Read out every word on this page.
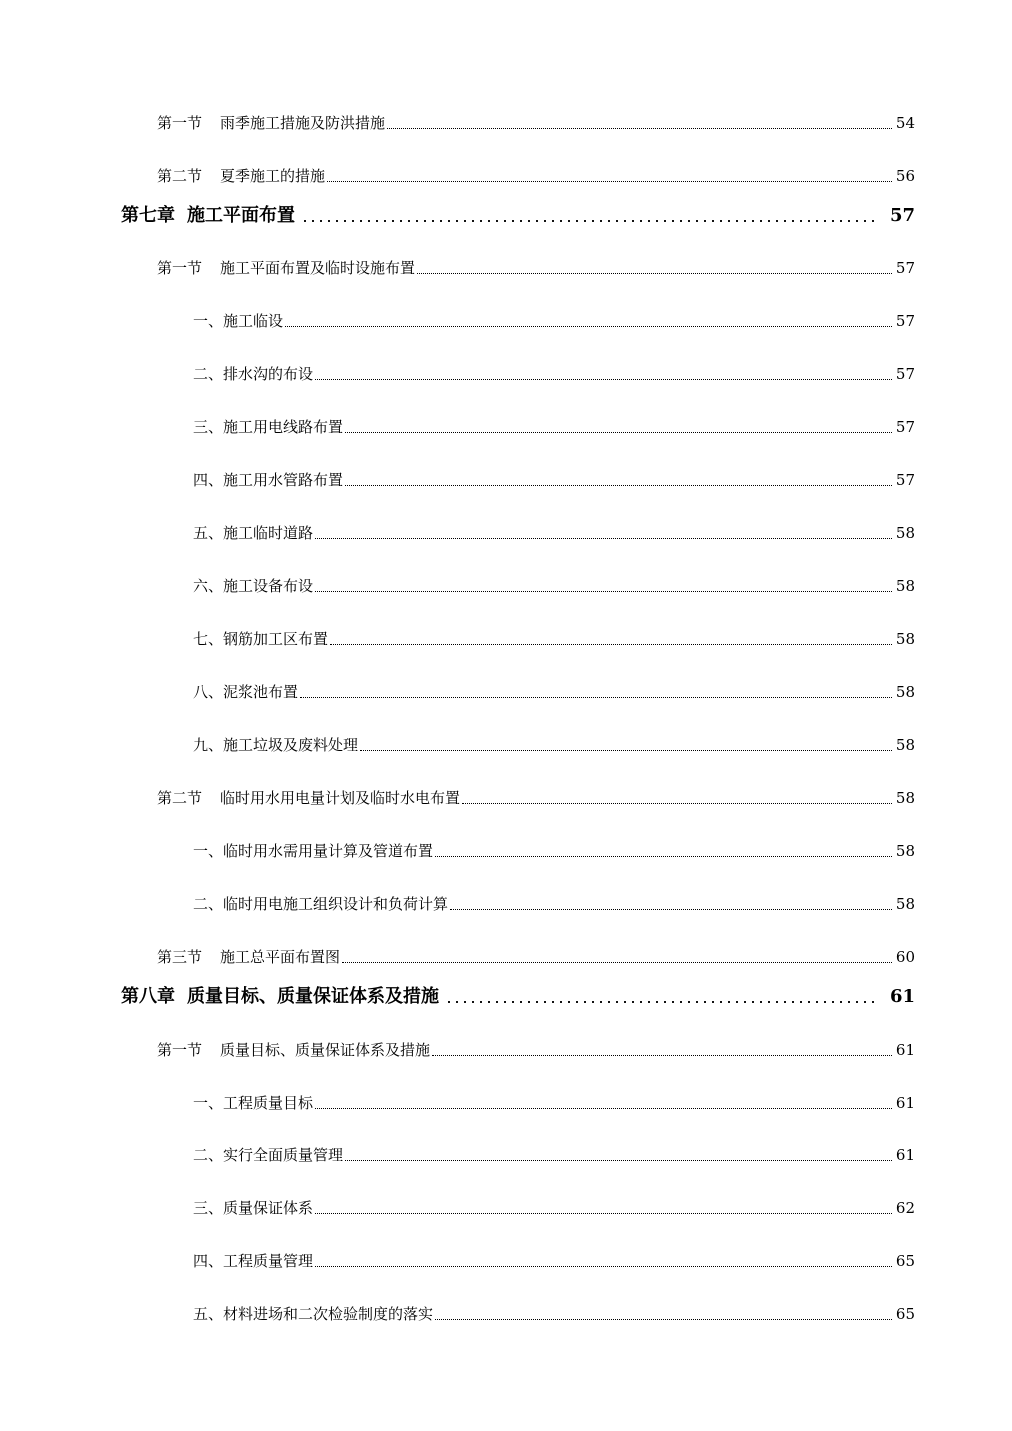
第一节 雨季施工措施及防洪措施	54
第二节 夏季施工的措施	56
第七章 施工平面布置	57
第一节 施工平面布置及临时设施布置	57
一、 施工临设	57
二、 排水沟的布设	57
三、 施工用电线路布置	57
四、 施工用水管路布置	57
五、 施工临时道路	58
六、 施工设备布设	58
七、 钢筋加工区布置	58
八、 泥浆池布置	58
九、 施工垃圾及废料处理	58
第二节 临时用水用电量计划及临时水电布置	58
一、 临时用水需用量计算及管道布置	58
二、 临时用电施工组织设计和负荷计算	58
第三节 施工总平面布置图	60
第八章 质量目标、质量保证体系及措施	61
第一节 质量目标、质量保证体系及措施	61
一、 工程质量目标	61
二、 实行全面质量管理	61
三、 质量保证体系	62
四、 工程质量管理	65
五、 材料进场和二次检验制度的落实	65
